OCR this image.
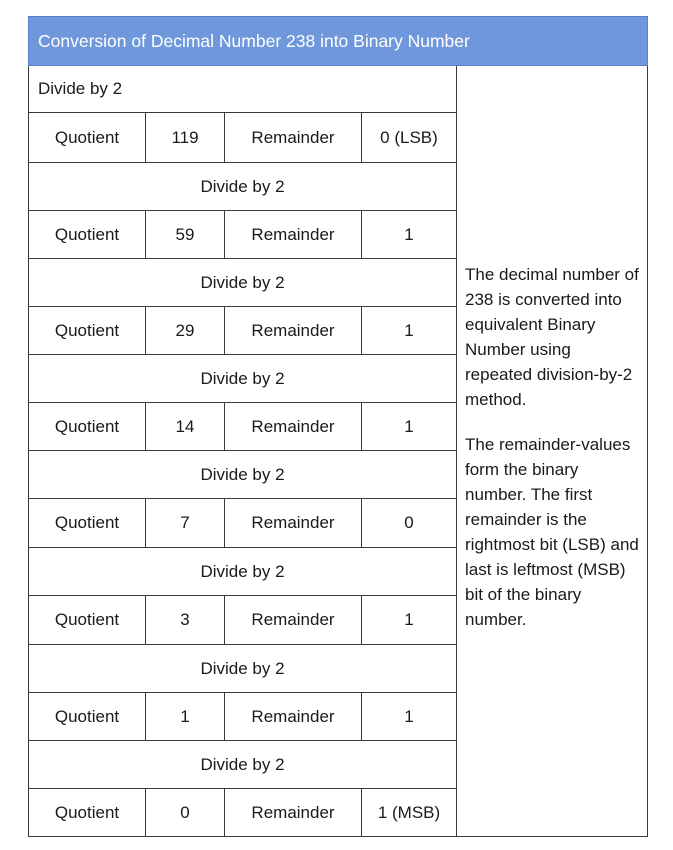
Conversion of Decimal Number 238 into Binary Number				
Divide by 2				The decimal number of 238 is converted into equivalent Binary Number using repeated division-by-2 method.

The remainder-values form the binary number. The first remainder is the rightmost bit (LSB) and last is leftmost (MSB) bit of the binary number.

Quotient	119	Remainder	0 (LSB)	
Divide by 2				
Quotient	59	Remainder	1	
Divide by 2				
Quotient	29	Remainder	1	
Divide by 2				
Quotient	14	Remainder	1	
Divide by 2				
Quotient	7	Remainder	0	
Divide by 2				
Quotient	3	Remainder	1	
Divide by 2				
Quotient	1	Remainder	1	
Divide by 2				
Quotient	0	Remainder	1 (MSB)	
